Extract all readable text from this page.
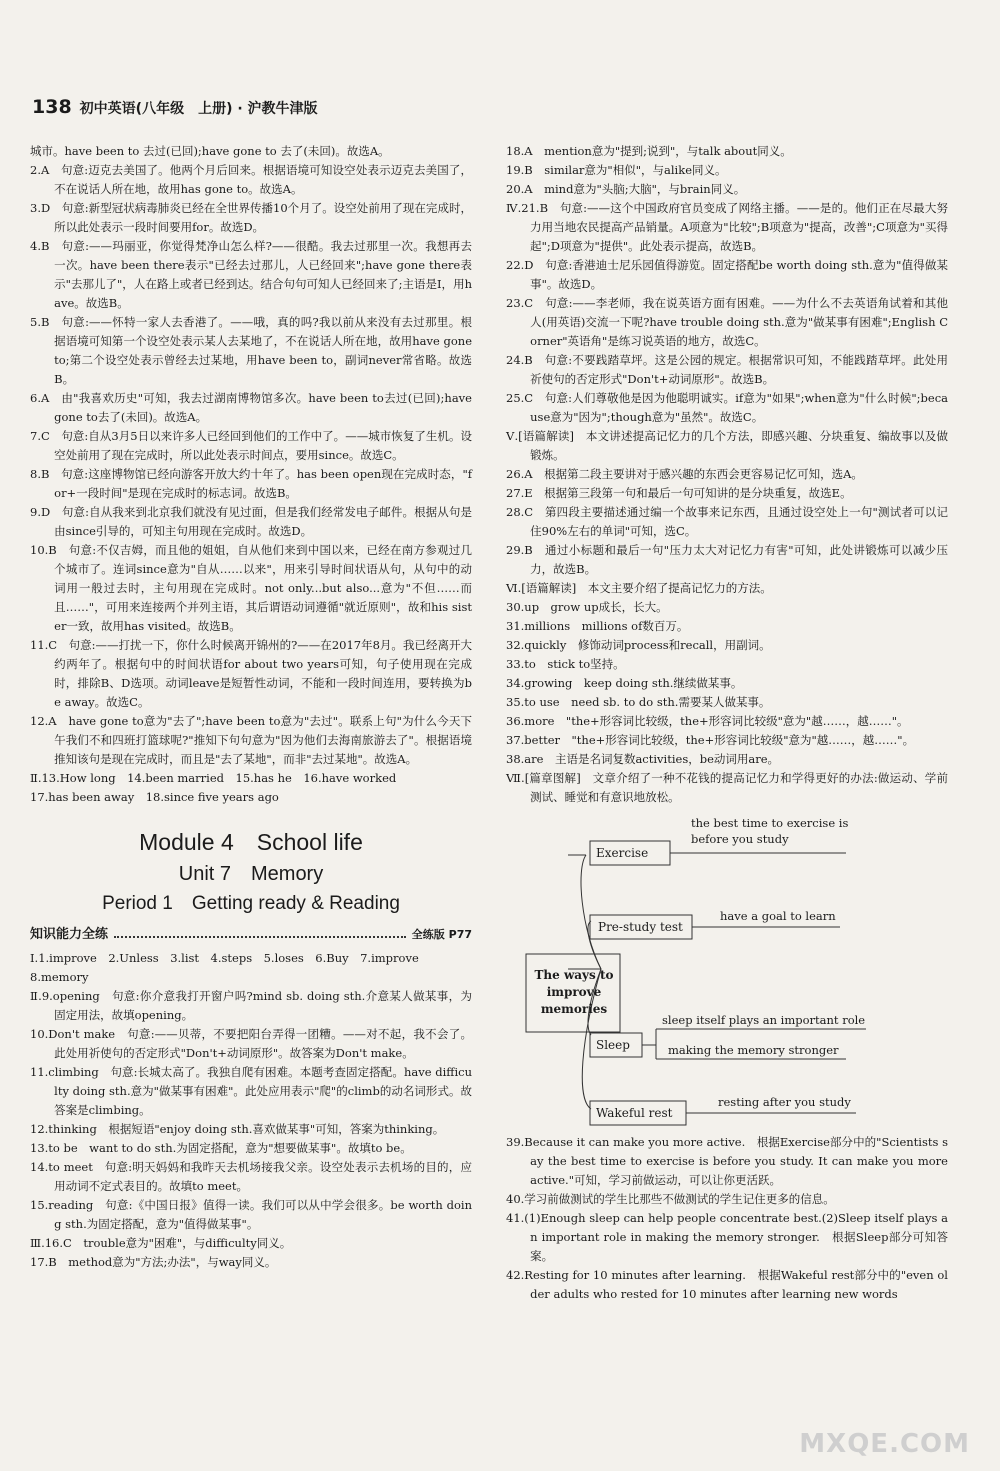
138 初中英语(八年级　上册) · 沪教牛津版

城市。have been to 去过(已回);have gone to 去了(未回)。故选A。

2.A　句意:迈克去美国了。他两个月后回来。根据语境可知设空处表示迈克去美国了，不在说话人所在地，故用has gone to。故选A。

3.D　句意:新型冠状病毒肺炎已经在全世界传播10个月了。设空处前用了现在完成时，所以此处表示一段时间要用for。故选D。

4.B　句意:——玛丽亚，你觉得梵净山怎么样?——很酷。我去过那里一次。我想再去一次。have been there表示"已经去过那儿，人已经回来";have gone there表示"去那儿了"，人在路上或者已经到达。结合句句可知人已经回来了;主语是I，用have。故选B。

5.B　句意:——怀特一家人去香港了。——哦，真的吗?我以前从来没有去过那里。根据语境可知第一个设空处表示某人去某地了，不在说话人所在地，故用have gone to;第二个设空处表示曾经去过某地，用have been to，副词never常省略。故选B。

6.A　由"我喜欢历史"可知，我去过湖南博物馆多次。have been to去过(已回);have gone to去了(未回)。故选A。

7.C　句意:自从3月5日以来许多人已经回到他们的工作中了。——城市恢复了生机。设空处前用了现在完成时，所以此处表示时间点，要用since。故选C。

8.B　句意:这座博物馆已经向游客开放大约十年了。has been open现在完成时态，"for+一段时间"是现在完成时的标志词。故选B。

9.D　句意:自从我来到北京我们就没有见过面，但是我们经常发电子邮件。根据从句是由since引导的，可知主句用现在完成时。故选D。

10.B　句意:不仅吉姆，而且他的姐姐，自从他们来到中国以来，已经在南方参观过几个城市了。连词since意为"自从……以来"，用来引导时间状语从句，从句中的动词用一般过去时，主句用现在完成时。not only...but also...意为"不但……而且……"，可用来连接两个并列主语，其后谓语动词遵循"就近原则"，故和his sister一致，故用has visited。故选B。

11.C　句意:——打扰一下，你什么时候离开锦州的?——在2017年8月。我已经离开大约两年了。根据句中的时间状语for about two years可知，句子使用现在完成时，排除B、D选项。动词leave是短暂性动词，不能和一段时间连用，要转换为be away。故选C。

12.A　have gone to意为"去了";have been to意为"去过"。联系上句"为什么今天下午我们不和四班打篮球呢?"推知下句句意为"因为他们去海南旅游去了"。根据语境推知该句是现在完成时，而且是"去了某地"，而非"去过某地"。故选A。

Ⅱ.13.How long　14.been married　15.has he　16.have worked

17.has been away　18.since five years ago

Module 4　School life
Unit 7　Memory
Period 1　Getting ready & Reading
知识能力全练	全练版 P77

Ⅰ.1.improve　2.Unless　3.list　4.steps　5.loses　6.Buy　7.improve

8.memory

Ⅱ.9.opening　句意:你介意我打开窗户吗?mind sb. doing sth.介意某人做某事，为固定用法，故填opening。

10.Don't make　句意:——贝蒂，不要把阳台弄得一团糟。——对不起，我不会了。此处用祈使句的否定形式"Don't+动词原形"。故答案为Don't make。

11.climbing　句意:长城太高了。我独自爬有困难。本题考查固定搭配。have difficulty doing sth.意为"做某事有困难"。此处应用表示"爬"的climb的动名词形式。故答案是climbing。

12.thinking　根据短语"enjoy doing sth.喜欢做某事"可知，答案为thinking。

13.to be　want to do sth.为固定搭配，意为"想要做某事"。故填to be。

14.to meet　句意:明天妈妈和我昨天去机场接我父亲。设空处表示去机场的目的，应用动词不定式表目的。故填to meet。

15.reading　句意:《中国日报》值得一读。我们可以从中学会很多。be worth doing sth.为固定搭配，意为"值得做某事"。

Ⅲ.16.C　trouble意为"困难"，与difficulty同义。

17.B　method意为"方法;办法"，与way同义。

18.A　mention意为"提到;说到"，与talk about同义。

19.B　similar意为"相似"，与alike同义。

20.A　mind意为"头脑;大脑"，与brain同义。

Ⅳ.21.B　句意:——这个中国政府官员变成了网络主播。——是的。他们正在尽最大努力用当地农民提高产品销量。A项意为"比较";B项意为"提高，改善";C项意为"买得起";D项意为"提供"。此处表示提高，故选B。

22.D　句意:香港迪士尼乐园值得游览。固定搭配be worth doing sth.意为"值得做某事"。故选D。

23.C　句意:——李老师，我在说英语方面有困难。——为什么不去英语角试着和其他人(用英语)交流一下呢?have trouble doing sth.意为"做某事有困难";English Corner"英语角"是练习说英语的地方，故选C。

24.B　句意:不要践踏草坪。这是公园的规定。根据常识可知，不能践踏草坪。此处用祈使句的否定形式"Don't+动词原形"。故选B。

25.C　句意:人们尊敬他是因为他聪明诚实。if意为"如果";when意为"什么时候";because意为"因为";though意为"虽然"。故选C。

Ⅴ.[语篇解读]　本文讲述提高记忆力的几个方法，即感兴趣、分块重复、编故事以及做锻炼。

26.A　根据第二段主要讲对于感兴趣的东西会更容易记忆可知，选A。

27.E　根据第三段第一句和最后一句可知讲的是分块重复，故选E。

28.C　第四段主要描述通过编一个故事来记东西，且通过设空处上一句"测试者可以记住90%左右的单词"可知，选C。

29.B　通过小标题和最后一句"压力太大对记忆力有害"可知，此处讲锻炼可以减少压力，故选B。

Ⅵ.[语篇解读]　本文主要介绍了提高记忆力的方法。

30.up　grow up成长，长大。

31.millions　millions of数百万。

32.quickly　修饰动词process和recall，用副词。

33.to　stick to坚持。

34.growing　keep doing sth.继续做某事。

35.to use　need sb. to do sth.需要某人做某事。

36.more　"the+形容词比较级，the+形容词比较级"意为"越……，越……"。

37.better　"the+形容词比较级，the+形容词比较级"意为"越……，越……"。

38.are　主语是名词复数activities，be动词用are。

Ⅶ.[篇章图解]　文章介绍了一种不花钱的提高记忆力和学得更好的办法:做运动、学前测试、睡觉和有意识地放松。

The ways to improve memories
Exercise
the best time to exercise is before you study
Pre-study test
have a goal to learn
Sleep
sleep itself plays an important role
making the memory stronger
Wakeful rest
resting after you study

39.Because it can make you more active.　根据Exercise部分中的"Scientists say the best time to exercise is before you study. It can make you more active."可知，学习前做运动，可以让你更活跃。

40.学习前做测试的学生比那些不做测试的学生记住更多的信息。

41.(1)Enough sleep can help people concentrate best.(2)Sleep itself plays an important role in making the memory stronger.　根据Sleep部分可知答案。

42.Resting for 10 minutes after learning.　根据Wakeful rest部分中的"even older adults who rested for 10 minutes after learning new words

MXQE.COM
